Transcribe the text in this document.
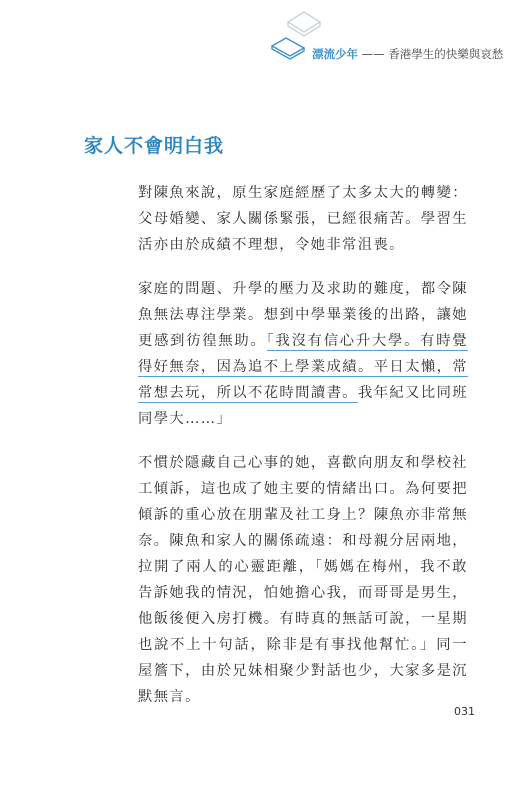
漂流少年 —— 香港學生的快樂與哀愁
家人不會明白我

對陳魚來說，原生家庭經歷了太多太大的轉變：父母婚變、家人關係緊張，已經很痛苦。學習生活亦由於成績不理想，令她非常沮喪。

家庭的問題、升學的壓力及求助的難度，都令陳魚無法專注學業。想到中學畢業後的出路，讓她更感到彷徨無助。「我沒有信心升大學。有時覺得好無奈，因為追不上學業成績。平日太懶，常常想去玩，所以不花時間讀書。我年紀又比同班同學大……」

不慣於隱藏自己心事的她，喜歡向朋友和學校社工傾訴，這也成了她主要的情緒出口。為何要把傾訴的重心放在朋輩及社工身上？陳魚亦非常無奈。陳魚和家人的關係疏遠：和母親分居兩地，拉開了兩人的心靈距離，「媽媽在梅州，我不敢告訴她我的情況，怕她擔心我，而哥哥是男生，他飯後便入房打機。有時真的無話可說，一星期也說不上十句話，除非是有事找他幫忙。」同一屋簷下，由於兄妹相聚少對話也少，大家多是沉默無言。

031
